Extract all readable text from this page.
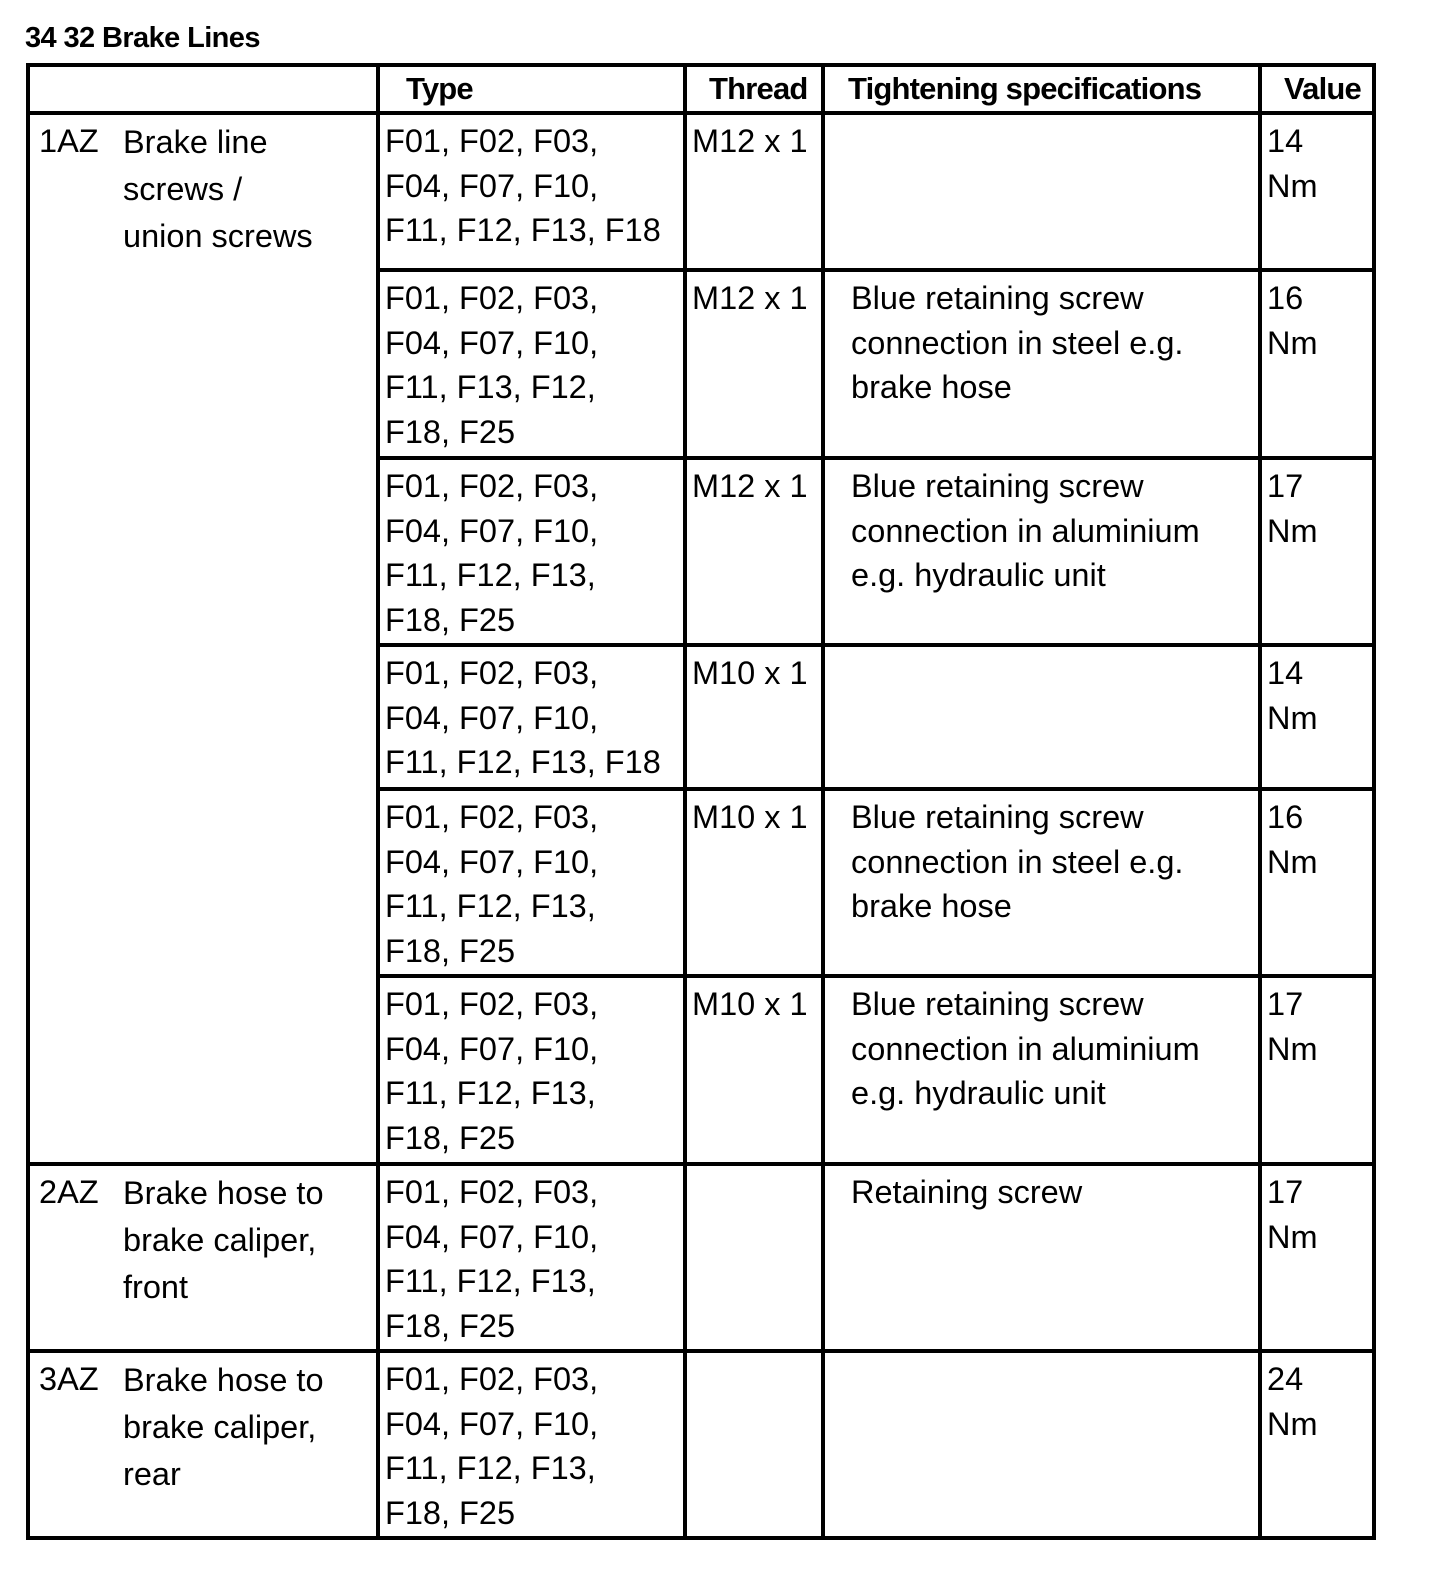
34 32 Brake Lines
		Type	Thread	Tightening specifications	Value
1AZ	Brake line
screws /
union screws	F01, F02, F03,
F04, F07, F10,
F11, F12, F13, F18	M12 x 1		14
Nm

		F01, F02, F03,
F04, F07, F10,
F11, F13, F12,
F18, F25	M12 x 1	Blue retaining screw
connection in steel e.g.
brake hose	16
Nm

		F01, F02, F03,
F04, F07, F10,
F11, F12, F13,
F18, F25	M12 x 1	Blue retaining screw
connection in aluminium
e.g. hydraulic unit	17
Nm

		F01, F02, F03,
F04, F07, F10,
F11, F12, F13, F18	M10 x 1		14
Nm

		F01, F02, F03,
F04, F07, F10,
F11, F12, F13,
F18, F25	M10 x 1	Blue retaining screw
connection in steel e.g.
brake hose	16
Nm

		F01, F02, F03,
F04, F07, F10,
F11, F12, F13,
F18, F25	M10 x 1	Blue retaining screw
connection in aluminium
e.g. hydraulic unit	17
Nm

2AZ	Brake hose to
brake caliper,
front	F01, F02, F03,
F04, F07, F10,
F11, F12, F13,
F18, F25		Retaining screw	17
Nm

3AZ	Brake hose to
brake caliper,
rear	F01, F02, F03,
F04, F07, F10,
F11, F12, F13,
F18, F25			24
Nm
